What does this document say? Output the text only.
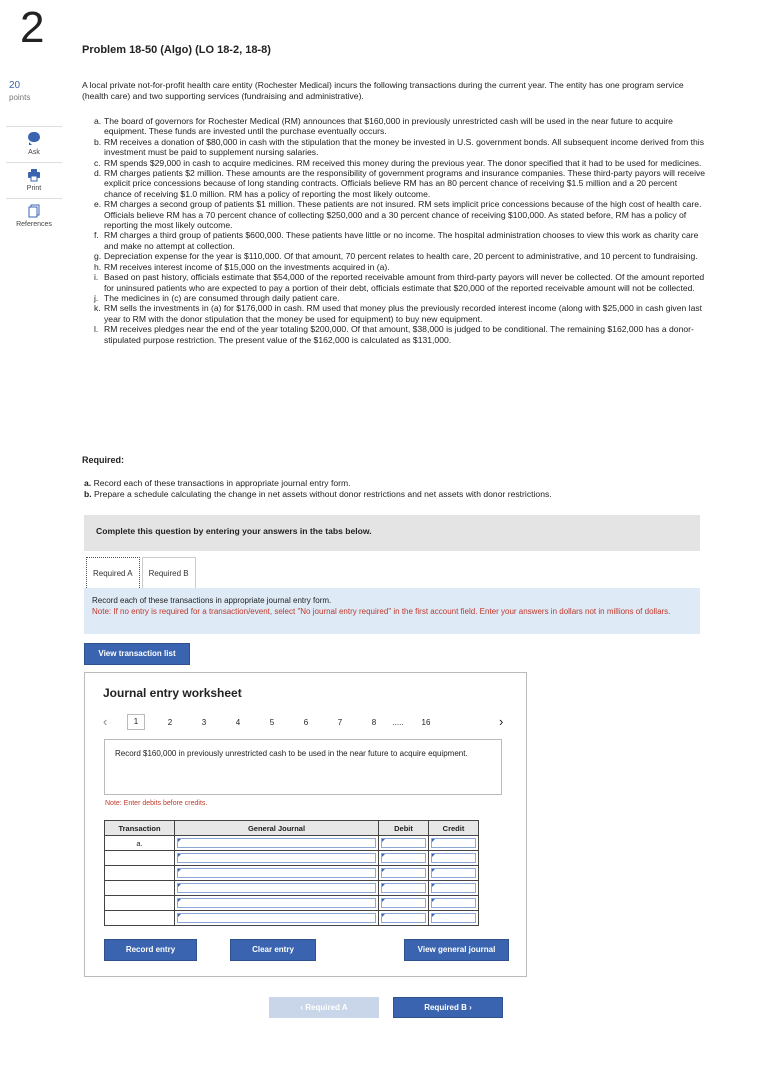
2
20
points
Ask
Print
References
Problem 18-50 (Algo) (LO 18-2, 18-8)
A local private not-for-profit health care entity (Rochester Medical) incurs the following transactions during the current year. The entity has one program service (health care) and two supporting services (fundraising and administrative).
a. The board of governors for Rochester Medical (RM) announces that $160,000 in previously unrestricted cash will be used in the near future to acquire equipment. These funds are invested until the purchase eventually occurs.
b. RM receives a donation of $80,000 in cash with the stipulation that the money be invested in U.S. government bonds. All subsequent income derived from this investment must be paid to supplement nursing salaries.
c. RM spends $29,000 in cash to acquire medicines. RM received this money during the previous year. The donor specified that it had to be used for medicines.
d. RM charges patients $2 million. These amounts are the responsibility of government programs and insurance companies. These third-party payors will receive explicit price concessions because of long standing contracts. Officials believe RM has an 80 percent chance of receiving $1.5 million and a 20 percent chance of receiving $1.0 million. RM has a policy of reporting the most likely outcome.
e. RM charges a second group of patients $1 million. These patients are not insured. RM sets implicit price concessions because of the high cost of health care. Officials believe RM has a 70 percent chance of collecting $250,000 and a 30 percent chance of receiving $100,000. As stated before, RM has a policy of reporting the most likely outcome.
f. RM charges a third group of patients $600,000. These patients have little or no income. The hospital administration chooses to view this work as charity care and make no attempt at collection.
g. Depreciation expense for the year is $110,000. Of that amount, 70 percent relates to health care, 20 percent to administrative, and 10 percent to fundraising.
h. RM receives interest income of $15,000 on the investments acquired in (a).
i. Based on past history, officials estimate that $54,000 of the reported receivable amount from third-party payors will never be collected. Of the amount reported for uninsured patients who are expected to pay a portion of their debt, officials estimate that $20,000 of the reported receivable amount will not be collected.
j. The medicines in (c) are consumed through daily patient care.
k. RM sells the investments in (a) for $176,000 in cash. RM used that money plus the previously recorded interest income (along with $25,000 in cash given last year to RM with the donor stipulation that the money be used for equipment) to buy new equipment.
l. RM receives pledges near the end of the year totaling $200,000. Of that amount, $38,000 is judged to be conditional. The remaining $162,000 has a donor-stipulated purpose restriction. The present value of the $162,000 is calculated as $131,000.
Required:
a. Record each of these transactions in appropriate journal entry form.
b. Prepare a schedule calculating the change in net assets without donor restrictions and net assets with donor restrictions.
Complete this question by entering your answers in the tabs below.
Required A	Required B
Record each of these transactions in appropriate journal entry form.
Note: If no entry is required for a transaction/event, select "No journal entry required" in the first account field. Enter your answers in dollars not in millions of dollars.
View transaction list
Journal entry worksheet
‹	1	2	3	4	5	6	7	8	.....	16	›
Record $160,000 in previously unrestricted cash to be used in the near future to acquire equipment.
Note: Enter debits before credits.
Transaction	General Journal	Debit	Credit
a.	

Record entry	Clear entry	View general journal
‹ Required A	Required B ›
